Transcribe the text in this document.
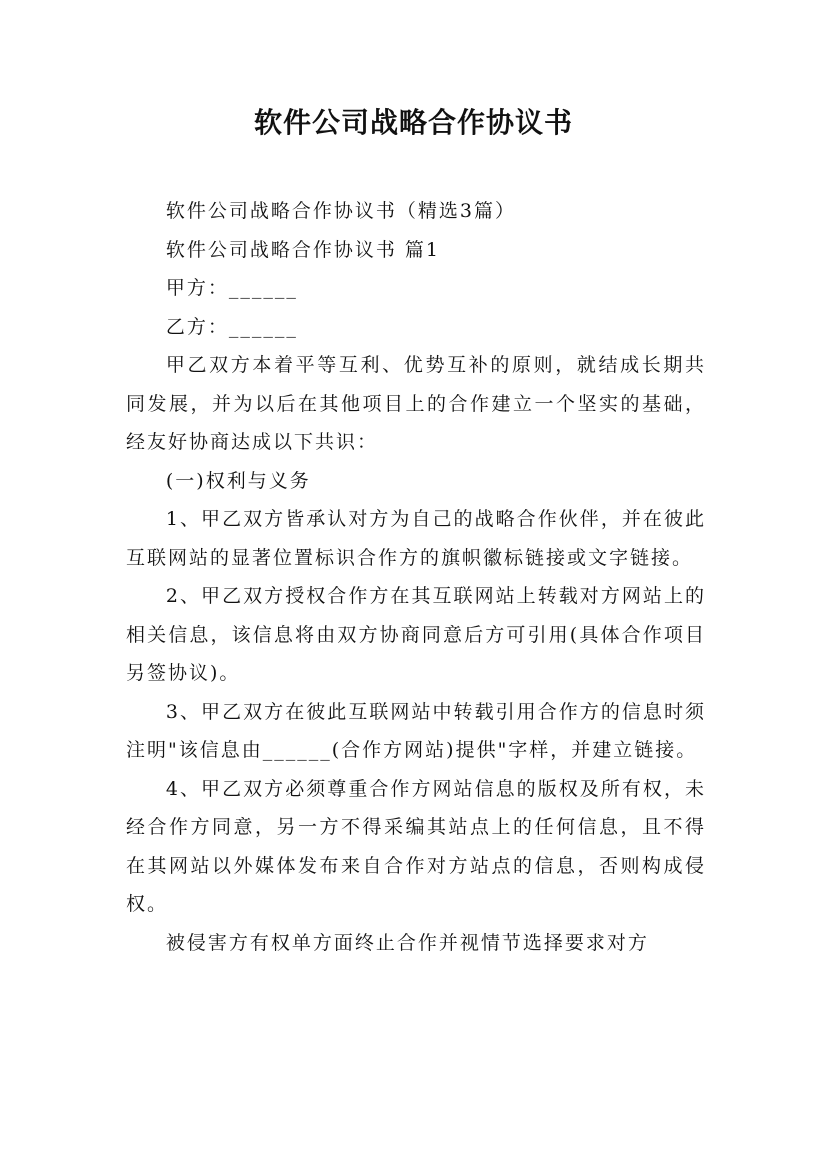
软件公司战略合作协议书

软件公司战略合作协议书（精选3篇）

软件公司战略合作协议书 篇1

甲方：______

乙方：______

甲乙双方本着平等互利、优势互补的原则，就结成长期共同发展，并为以后在其他项目上的合作建立一个坚实的基础，经友好协商达成以下共识：

(一)权利与义务

1、甲乙双方皆承认对方为自己的战略合作伙伴，并在彼此互联网站的显著位置标识合作方的旗帜徽标链接或文字链接。

2、甲乙双方授权合作方在其互联网站上转载对方网站上的相关信息，该信息将由双方协商同意后方可引用(具体合作项目另签协议)。

3、甲乙双方在彼此互联网站中转载引用合作方的信息时须注明"该信息由______(合作方网站)提供"字样，并建立链接。

4、甲乙双方必须尊重合作方网站信息的版权及所有权，未经合作方同意，另一方不得采编其站点上的任何信息，且不得在其网站以外媒体发布来自合作对方站点的信息，否则构成侵权。

被侵害方有权单方面终止合作并视情节选择要求对方
